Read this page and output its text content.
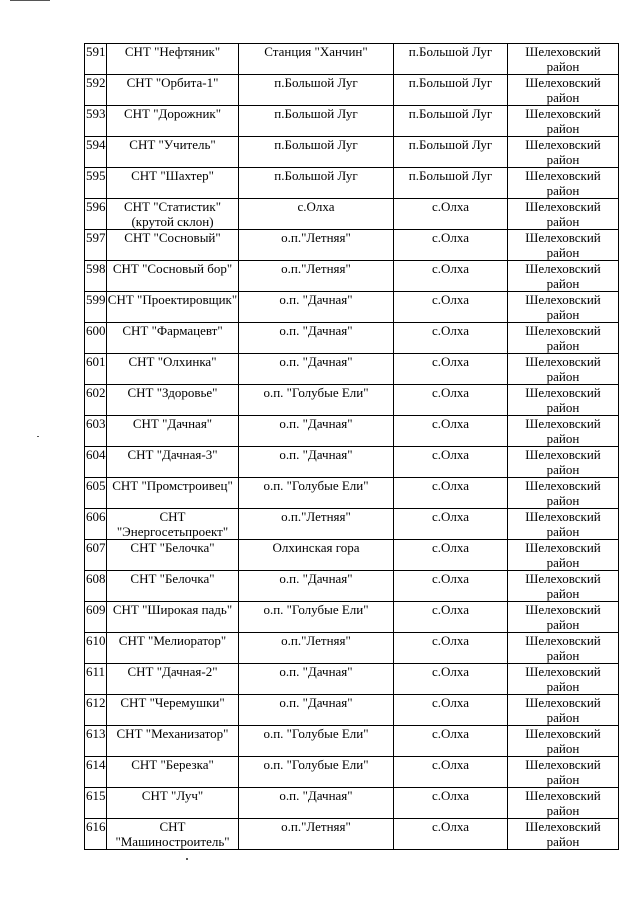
591	СНТ "Нефтяник"	Станция "Ханчин"	п.Большой Луг	Шелеховский район
592	СНТ "Орбита-1"	п.Большой Луг	п.Большой Луг	Шелеховский район
593	СНТ "Дорожник"	п.Большой Луг	п.Большой Луг	Шелеховский район
594	СНТ "Учитель"	п.Большой Луг	п.Большой Луг	Шелеховский район
595	СНТ "Шахтер"	п.Большой Луг	п.Большой Луг	Шелеховский район
596	СНТ "Статистик" (крутой склон)	с.Олха	с.Олха	Шелеховский район
597	СНТ "Сосновый"	о.п."Летняя"	с.Олха	Шелеховский район
598	СНТ "Сосновый бор"	о.п."Летняя"	с.Олха	Шелеховский район
599	СНТ "Проектировщик"	о.п. "Дачная"	с.Олха	Шелеховский район
600	СНТ "Фармацевт"	о.п. "Дачная"	с.Олха	Шелеховский район
601	СНТ "Олхинка"	о.п. "Дачная"	с.Олха	Шелеховский район
602	СНТ "Здоровье"	о.п. "Голубые Ели"	с.Олха	Шелеховский район
603	СНТ "Дачная"	о.п. "Дачная"	с.Олха	Шелеховский район
604	СНТ "Дачная-3"	о.п. "Дачная"	с.Олха	Шелеховский район
605	СНТ "Промстроивец"	о.п. "Голубые Ели"	с.Олха	Шелеховский район
606	СНТ "Энергосетьпроект"	о.п."Летняя"	с.Олха	Шелеховский район
607	СНТ "Белочка"	Олхинская гора	с.Олха	Шелеховский район
608	СНТ "Белочка"	о.п. "Дачная"	с.Олха	Шелеховский район
609	СНТ "Широкая падь"	о.п. "Голубые Ели"	с.Олха	Шелеховский район
610	СНТ "Мелиоратор"	о.п."Летняя"	с.Олха	Шелеховский район
611	СНТ "Дачная-2"	о.п. "Дачная"	с.Олха	Шелеховский район
612	СНТ "Черемушки"	о.п. "Дачная"	с.Олха	Шелеховский район
613	СНТ "Механизатор"	о.п. "Голубые Ели"	с.Олха	Шелеховский район
614	СНТ "Березка"	о.п. "Голубые Ели"	с.Олха	Шелеховский район
615	СНТ "Луч"	о.п. "Дачная"	с.Олха	Шелеховский район
616	СНТ "Машиностроитель"	о.п."Летняя"	с.Олха	Шелеховский район
